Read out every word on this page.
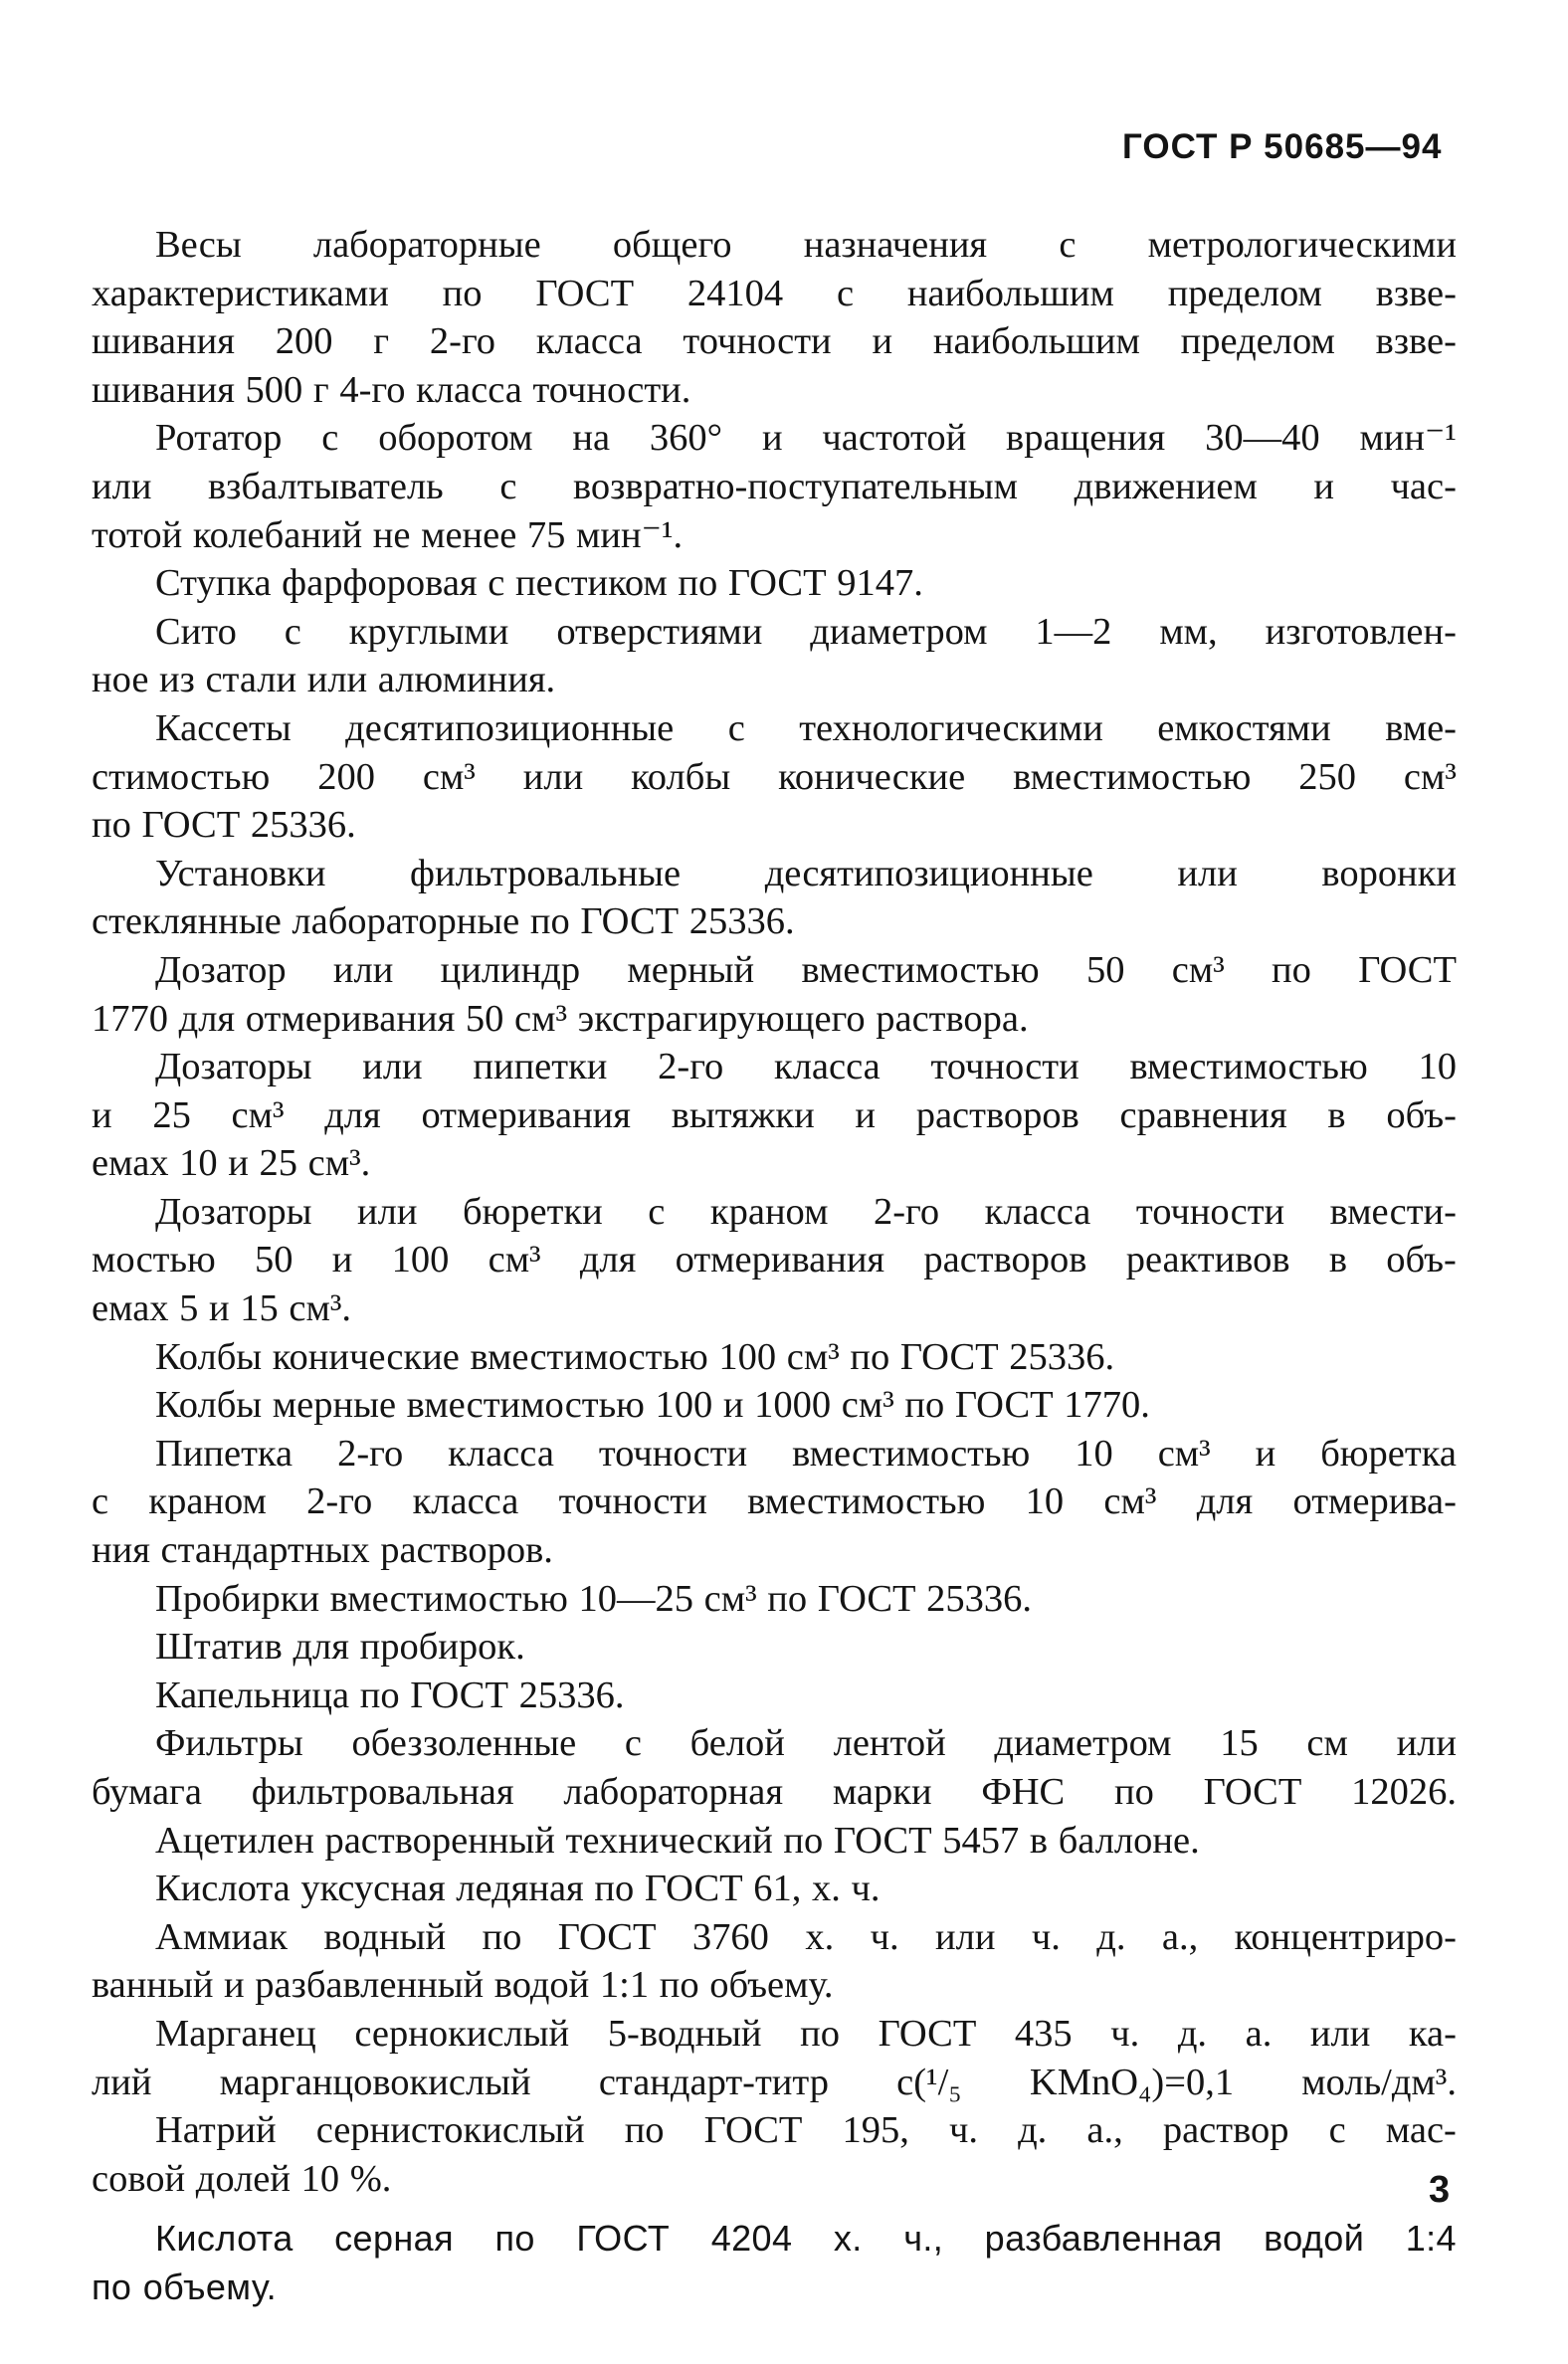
ГОСТ Р 50685—94
Весы лабораторные общего назначения с метрологическими
характеристиками по ГОСТ 24104 с наибольшим пределом взве-
шивания 200 г 2-го класса точности и наибольшим пределом взве-
шивания 500 г 4-го класса точности.
Ротатор с оборотом на 360° и частотой вращения 30—40 мин⁻¹
или взбалтыватель с возвратно-поступательным движением и час-
тотой колебаний не менее 75 мин⁻¹.
Ступка фарфоровая с пестиком по ГОСТ 9147.
Сито с круглыми отверстиями диаметром 1—2 мм, изготовлен-
ное из стали или алюминия.
Кассеты десятипозиционные с технологическими емкостями вме-
стимостью 200 см³ или колбы конические вместимостью 250 см³
по ГОСТ 25336.
Установки фильтровальные десятипозиционные или воронки
стеклянные лабораторные по ГОСТ 25336.
Дозатор или цилиндр мерный вместимостью 50 см³ по ГОСТ
1770 для отмеривания 50 см³ экстрагирующего раствора.
Дозаторы или пипетки 2-го класса точности вместимостью 10
и 25 см³ для отмеривания вытяжки и растворов сравнения в объ-
емах 10 и 25 см³.
Дозаторы или бюретки с краном 2-го класса точности вмести-
мостью 50 и 100 см³ для отмеривания растворов реактивов в объ-
емах 5 и 15 см³.
Колбы конические вместимостью 100 см³ по ГОСТ 25336.
Колбы мерные вместимостью 100 и 1000 см³ по ГОСТ 1770.
Пипетка 2-го класса точности вместимостью 10 см³ и бюретка
с краном 2-го класса точности вместимостью 10 см³ для отмерива-
ния стандартных растворов.
Пробирки вместимостью 10—25 см³ по ГОСТ 25336.
Штатив для пробирок.
Капельница по ГОСТ 25336.
Фильтры обеззоленные с белой лентой диаметром 15 см или
бумага фильтровальная лабораторная марки ФНС по ГОСТ 12026.
Ацетилен растворенный технический по ГОСТ 5457 в баллоне.
Кислота уксусная ледяная по ГОСТ 61, х. ч.
Аммиак водный по ГОСТ 3760 х. ч. или ч. д. а., концентриро-
ванный и разбавленный водой 1:1 по объему.
Марганец сернокислый 5-водный по ГОСТ 435 ч. д. а. или ка-
лий марганцовокислый стандарт-титр c(¹/₅ KMnO₄)=0,1 моль/дм³.
Натрий сернистокислый по ГОСТ 195, ч. д. а., раствор с мас-
совой долей 10 %.
Кислота серная по ГОСТ 4204 х. ч., разбавленная водой 1:4
по объему.
3
